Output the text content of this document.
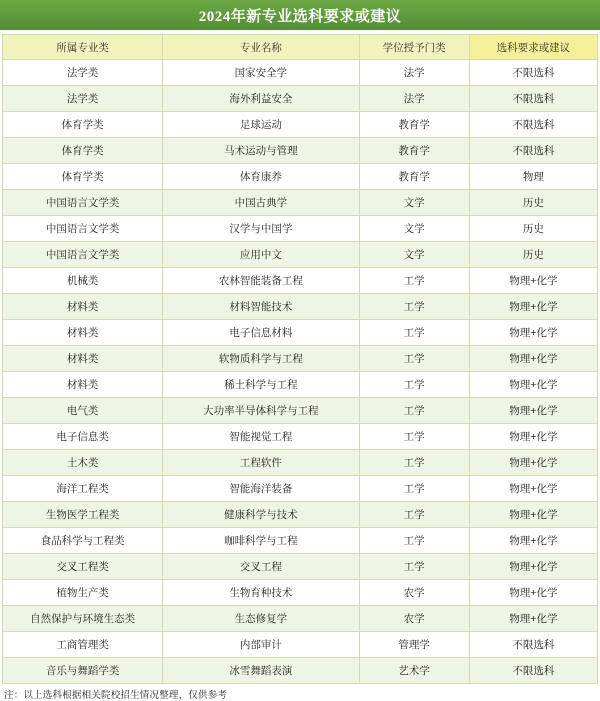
2024年新专业选科要求或建议
所属专业类	专业名称	学位授予门类	选科要求或建议
法学类	国家安全学	法学	不限选科
法学类	海外利益安全	法学	不限选科
体育学类	足球运动	教育学	不限选科
体育学类	马术运动与管理	教育学	不限选科
体育学类	体育康养	教育学	物理
中国语言文学类	中国古典学	文学	历史
中国语言文学类	汉学与中国学	文学	历史
中国语言文学类	应用中文	文学	历史
机械类	农林智能装备工程	工学	物理+化学
材料类	材料智能技术	工学	物理+化学
材料类	电子信息材料	工学	物理+化学
材料类	软物质科学与工程	工学	物理+化学
材料类	稀土科学与工程	工学	物理+化学
电气类	大功率半导体科学与工程	工学	物理+化学
电子信息类	智能视觉工程	工学	物理+化学
土木类	工程软件	工学	物理+化学
海洋工程类	智能海洋装备	工学	物理+化学
生物医学工程类	健康科学与技术	工学	物理+化学
食品科学与工程类	咖啡科学与工程	工学	物理+化学
交叉工程类	交叉工程	工学	物理+化学
植物生产类	生物育种技术	农学	物理+化学
自然保护与环境生态类	生态修复学	农学	物理+化学
工商管理类	内部审计	管理学	不限选科
音乐与舞蹈学类	冰雪舞蹈表演	艺术学	不限选科
注：以上选科根据相关院校招生情况整理，仅供参考
